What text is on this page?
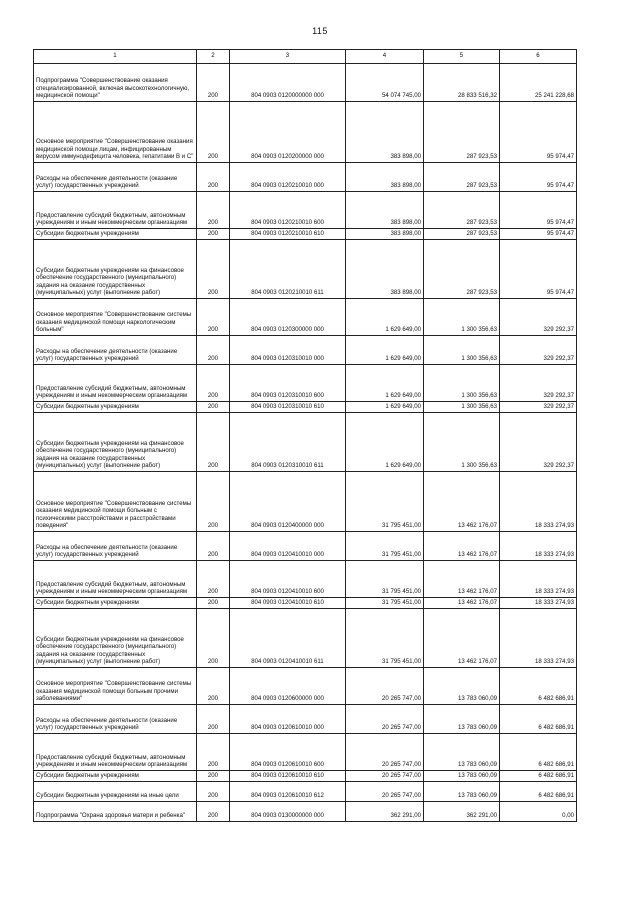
115
1	2	3	4	5	6
Подпрограмма "Совершенствование оказания специализированной, включая высокотехнологичную, медицинской помощи"	200	804 0903 0120000000 000	54 074 745,00	28 833 516,32	25 241 228,68
Основное мероприятие "Совершенствование оказания медицинской помощи лицам, инфицированным вирусом иммунодефицита человека, гепатитами В и С"	200	804 0903 0120200000 000	383 898,00	287 923,53	95 974,47
Расходы на обеспечение деятельности (оказание услуг) государственных учреждений	200	804 0903 0120210010 000	383 898,00	287 923,53	95 974,47
Предоставление субсидий бюджетным, автономным учреждениям и иным некоммерческим организациям	200	804 0903 0120210010 600	383 898,00	287 923,53	95 974,47
Субсидии бюджетным учреждениям	200	804 0903 0120210010 610	383 898,00	287 923,53	95 974,47
Субсидии бюджетным учреждениям на финансовое обеспечение государственного (муниципального) задания на оказание государственных (муниципальных) услуг (выполнение работ)	200	804 0903 0120210010 611	383 898,00	287 923,53	95 974,47
Основное мероприятие "Совершенствование системы оказания медицинской помощи наркологическим больным"	200	804 0903 0120300000 000	1 629 649,00	1 300 356,63	329 292,37
Расходы на обеспечение деятельности (оказание услуг) государственных учреждений	200	804 0903 0120310010 000	1 629 649,00	1 300 356,63	329 292,37
Предоставление субсидий бюджетным, автономным учреждениям и иным некоммерческим организациям	200	804 0903 0120310010 600	1 629 649,00	1 300 356,63	329 292,37
Субсидии бюджетным учреждениям	200	804 0903 0120310010 610	1 629 649,00	1 300 356,63	329 292,37
Субсидии бюджетным учреждениям на финансовое обеспечение государственного (муниципального) задания на оказание государственных (муниципальных) услуг (выполнение работ)	200	804 0903 0120310010 611	1 629 649,00	1 300 356,63	329 292,37
Основное мероприятие "Совершенствование системы оказания медицинской помощи больным с психическими расстройствами и расстройствами поведения"	200	804 0903 0120400000 000	31 795 451,00	13 462 176,07	18 333 274,93
Расходы на обеспечение деятельности (оказание услуг) государственных учреждений	200	804 0903 0120410010 000	31 795 451,00	13 462 176,07	18 333 274,93
Предоставление субсидий бюджетным, автономным учреждениям и иным некоммерческим организациям	200	804 0903 0120410010 600	31 795 451,00	13 462 176,07	18 333 274,93
Субсидии бюджетным учреждениям	200	804 0903 0120410010 610	31 795 451,00	13 462 176,07	18 333 274,93
Субсидии бюджетным учреждениям на финансовое обеспечение государственного (муниципального) задания на оказание государственных (муниципальных) услуг (выполнение работ)	200	804 0903 0120410010 611	31 795 451,00	13 462 176,07	18 333 274,93
Основное мероприятие "Совершенствование системы оказания медицинской помощи больным прочими заболеваниями"	200	804 0903 0120600000 000	20 265 747,00	13 783 060,09	6 482 686,91
Расходы на обеспечение деятельности (оказание услуг) государственных учреждений	200	804 0903 0120610010 000	20 265 747,00	13 783 060,09	6 482 686,91
Предоставление субсидий бюджетным, автономным учреждениям и иным некоммерческим организациям	200	804 0903 0120610010 600	20 265 747,00	13 783 060,09	6 482 686,91
Субсидии бюджетным учреждениям	200	804 0903 0120610010 610	20 265 747,00	13 783 060,09	6 482 686,91
Субсидии бюджетным учреждениям на иные цели	200	804 0903 0120610010 612	20 265 747,00	13 783 060,09	6 482 686,91
Подпрограмма "Охрана здоровья матери и ребенка"	200	804 0903 0130000000 000	362 291,00	362 291,00	0,00
